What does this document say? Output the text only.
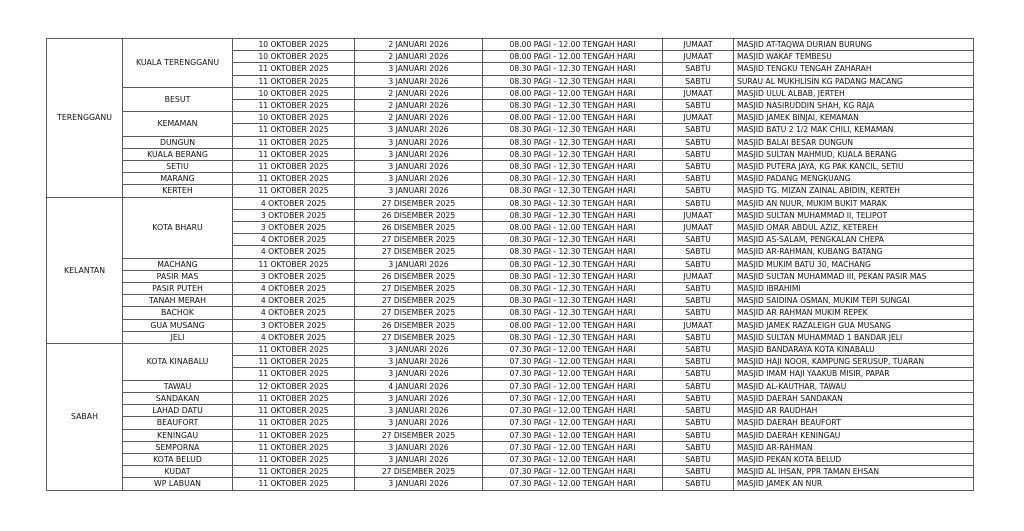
TERENGGANU	KUALA TERENGGANU	10 OKTOBER 2025	2 JANUARI 2026	08.00 PAGI - 12.00 TENGAH HARI	JUMAAT	MASJID AT-TAQWA DURIAN BURUNG
		10 OKTOBER 2025	2 JANUARI 2026	08.00 PAGI - 12.00 TENGAH HARI	JUMAAT	MASJID WAKAF TEMBESU
		11 OKTOBER 2025	3 JANUARI 2026	08.30 PAGI - 12.30 TENGAH HARI	SABTU	MASJID TENGKU TENGAH ZAHARAH
		11 OKTOBER 2025	3 JANUARI 2026	08.30 PAGI - 12.30 TENGAH HARI	SABTU	SURAU AL MUKHLISIN KG PADANG MACANG
	BESUT	10 OKTOBER 2025	2 JANUARI 2026	08.00 PAGI - 12.00 TENGAH HARI	JUMAAT	MASJID ULUL ALBAB, JERTEH
		11 OKTOBER 2025	2 JANUARI 2026	08.30 PAGI - 12.30 TENGAH HARI	SABTU	MASJID NASIRUDDIN SHAH, KG RAJA
	KEMAMAN	10 OKTOBER 2025	2 JANUARI 2026	08.00 PAGI - 12.00 TENGAH HARI	JUMAAT	MASJID JAMEK BINJAI, KEMAMAN
		11 OKTOBER 2025	3 JANUARI 2026	08.30 PAGI - 12.30 TENGAH HARI	SABTU	MASJID BATU 2 1/2 MAK CHILI, KEMAMAN
	DUNGUN	11 OKTOBER 2025	3 JANUARI 2026	08.30 PAGI - 12.30 TENGAH HARI	SABTU	MASJID BALAI BESAR DUNGUN
	KUALA BERANG	11 OKTOBER 2025	3 JANUARI 2026	08.30 PAGI - 12.30 TENGAH HARI	SABTU	MASJID SULTAN MAHMUD, KUALA BERANG
	SETIU	11 OKTOBER 2025	3 JANUARI 2026	08.30 PAGI - 12.30 TENGAH HARI	SABTU	MASJID PUTERA JAYA, KG PAK KANCIL, SETIU
	MARANG	11 OKTOBER 2025	3 JANUARI 2026	08.30 PAGI - 12.30 TENGAH HARI	SABTU	MASJID PADANG MENGKUANG
	KERTEH	11 OKTOBER 2025	3 JANUARI 2026	08.30 PAGI - 12.30 TENGAH HARI	SABTU	MASJID TG. MIZAN ZAINAL ABIDIN, KERTEH
KELANTAN	KOTA BHARU	4 OKTOBER 2025	27 DISEMBER 2025	08.30 PAGI - 12.30 TENGAH HARI	SABTU	MASJID AN NUUR, MUKIM BUKIT MARAK
		3 OKTOBER 2025	26 DISEMBER 2025	08.30 PAGI - 12.30 TENGAH HARI	JUMAAT	MASJID SULTAN MUHAMMAD II, TELIPOT
		3 OKTOBER 2025	26 DISEMBER 2025	08.00 PAGI - 12.00 TENGAH HARI	JUMAAT	MASJID OMAR ABDUL AZIZ, KETEREH
		4 OKTOBER 2025	27 DISEMBER 2025	08.30 PAGI - 12.30 TENGAH HARI	SABTU	MASJID AS-SALAM, PENGKALAN CHEPA
		4 OKTOBER 2025	27 DISEMBER 2025	08.30 PAGI - 12.30 TENGAH HARI	SABTU	MASJID AR-RAHMAN, KUBANG BATANG
	MACHANG	11 OKTOBER 2025	3 JANUARI 2026	08.30 PAGI - 12.30 TENGAH HARI	SABTU	MASJID MUKIM BATU 30, MACHANG
	PASIR MAS	3 OKTOBER 2025	26 DISEMBER 2025	08.30 PAGI - 12.30 TENGAH HARI	JUMAAT	MASJID SULTAN MUHAMMAD III, PEKAN PASIR MAS
	PASIR PUTEH	4 OKTOBER 2025	27 DISEMBER 2025	08.30 PAGI - 12.30 TENGAH HARI	SABTU	MASJID IBRAHIMI
	TANAH MERAH	4 OKTOBER 2025	27 DISEMBER 2025	08.30 PAGI - 12.30 TENGAH HARI	SABTU	MASJID SAIDINA OSMAN, MUKIM TEPI SUNGAI
	BACHOK	4 OKTOBER 2025	27 DISEMBER 2025	08.30 PAGI - 12.30 TENGAH HARI	SABTU	MASJID AR RAHMAN MUKIM REPEK
	GUA MUSANG	3 OKTOBER 2025	26 DISEMBER 2025	08.00 PAGI - 12.00 TENGAH HARI	JUMAAT	MASJID JAMEK RAZALEIGH GUA MUSANG
	JELI	4 OKTOBER 2025	27 DISEMBER 2025	08.30 PAGI - 12.30 TENGAH HARI	SABTU	MASJID SULTAN MUHAMMAD 1 BANDAR JELI
SABAH	KOTA KINABALU	11 OKTOBER 2025	3 JANUARI 2026	07.30 PAGI - 12.00 TENGAH HARI	SABTU	MASJID BANDARAYA KOTA KINABALU
		11 OKTOBER 2025	3 JANUARI 2026	07.30 PAGI - 12.00 TENGAH HARI	SABTU	MASJID HAJI NOOR, KAMPUNG SERUSUP, TUARAN
		11 OKTOBER 2025	3 JANUARI 2026	07.30 PAGI - 12.00 TENGAH HARI	SABTU	MASJID IMAM HAJI YAAKUB MISIR, PAPAR
	TAWAU	12 OKTOBER 2025	4 JANUARI 2026	07.30 PAGI - 12.00 TENGAH HARI	SABTU	MASJID AL-KAUTHAR, TAWAU
	SANDAKAN	11 OKTOBER 2025	3 JANUARI 2026	07.30 PAGI - 12.00 TENGAH HARI	SABTU	MASJID DAERAH SANDAKAN
	LAHAD DATU	11 OKTOBER 2025	3 JANUARI 2026	07.30 PAGI - 12.00 TENGAH HARI	SABTU	MASJID AR RAUDHAH
	BEAUFORT	11 OKTOBER 2025	3 JANUARI 2026	07.30 PAGI - 12.00 TENGAH HARI	SABTU	MASJID DAERAH BEAUFORT
	KENINGAU	11 OKTOBER 2025	27 DISEMBER 2025	07.30 PAGI - 12.00 TENGAH HARI	SABTU	MASJID DAERAH KENINGAU
	SEMPORNA	11 OKTOBER 2025	3 JANUARI 2026	07.30 PAGI - 12.00 TENGAH HARI	SABTU	MASJID AR-RAHMAN
	KOTA BELUD	11 OKTOBER 2025	3 JANUARI 2026	07.30 PAGI - 12.00 TENGAH HARI	SABTU	MASJID PEKAN KOTA BELUD
	KUDAT	11 OKTOBER 2025	27 DISEMBER 2025	07.30 PAGI - 12.00 TENGAH HARI	SABTU	MASJID AL IHSAN, PPR TAMAN EHSAN
	WP LABUAN	11 OKTOBER 2025	3 JANUARI 2026	07.30 PAGI - 12.00 TENGAH HARI	SABTU	MASJID JAMEK AN NUR
